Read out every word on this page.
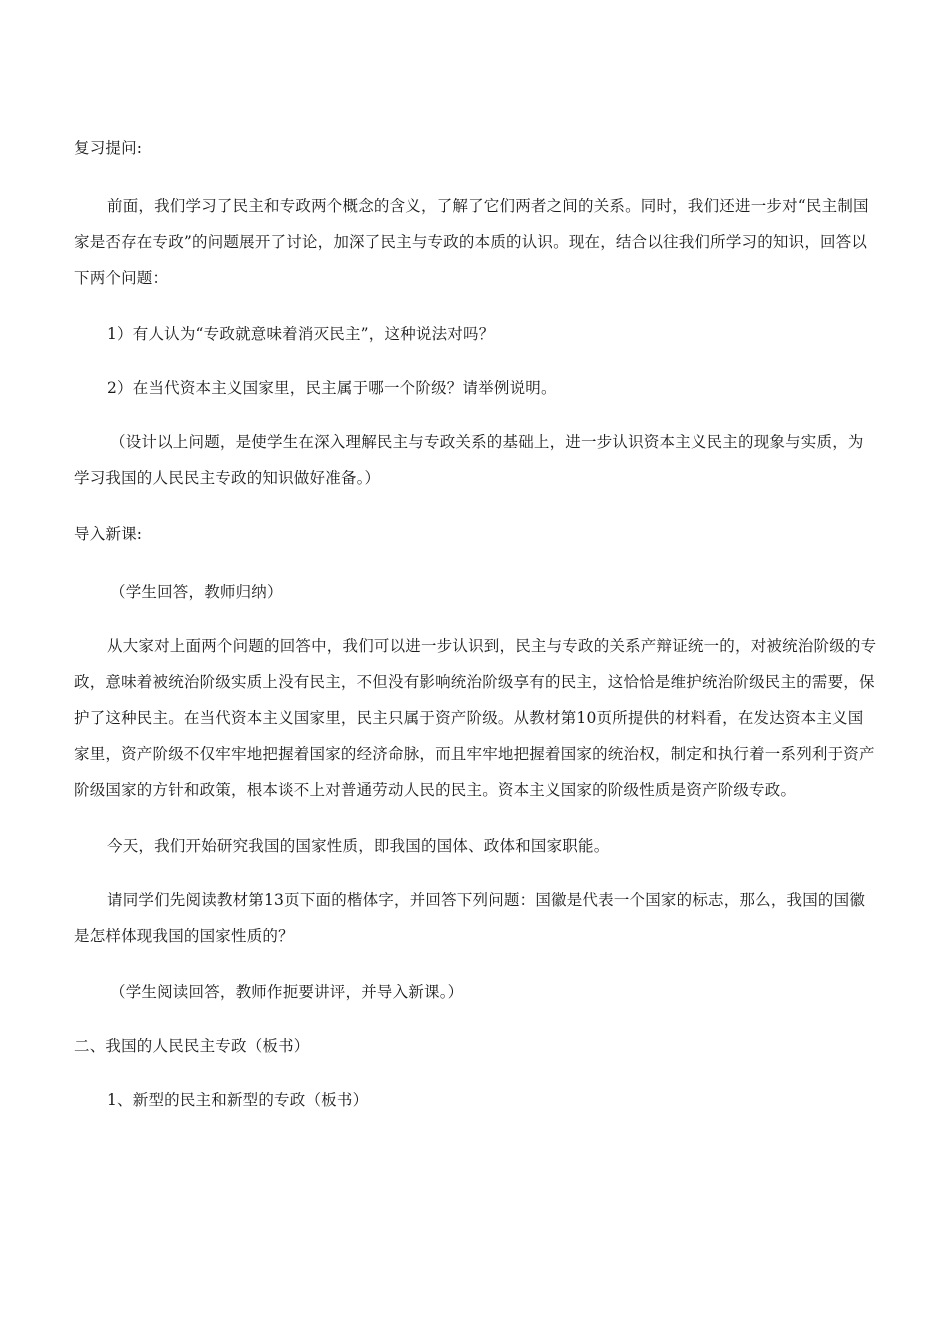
复习提问:

前面，我们学习了民主和专政两个概念的含义，了解了它们两者之间的关系。同时，我们还进一步对“民主制国家是否存在专政”的问题展开了讨论，加深了民主与专政的本质的认识。现在，结合以往我们所学习的知识，回答以下两个问题：

1）有人认为“专政就意味着消灭民主”，这种说法对吗？

2）在当代资本主义国家里，民主属于哪一个阶级？请举例说明。

（设计以上问题，是使学生在深入理解民主与专政关系的基础上，进一步认识资本主义民主的现象与实质，为学习我国的人民民主专政的知识做好准备。）

导入新课:

（学生回答，教师归纳）

从大家对上面两个问题的回答中，我们可以进一步认识到，民主与专政的关系产辩证统一的，对被统治阶级的专政，意味着被统治阶级实质上没有民主，不但没有影响统治阶级享有的民主，这恰恰是维护统治阶级民主的需要，保护了这种民主。在当代资本主义国家里，民主只属于资产阶级。从教材第10页所提供的材料看，在发达资本主义国家里，资产阶级不仅牢牢地把握着国家的经济命脉，而且牢牢地把握着国家的统治权，制定和执行着一系列利于资产阶级国家的方针和政策，根本谈不上对普通劳动人民的民主。资本主义国家的阶级性质是资产阶级专政。

今天，我们开始研究我国的国家性质，即我国的国体、政体和国家职能。

请同学们先阅读教材第13页下面的楷体字，并回答下列问题：国徽是代表一个国家的标志，那么，我国的国徽是怎样体现我国的国家性质的？

（学生阅读回答，教师作扼要讲评，并导入新课。）

二、我国的人民民主专政（板书）

1、新型的民主和新型的专政（板书）
